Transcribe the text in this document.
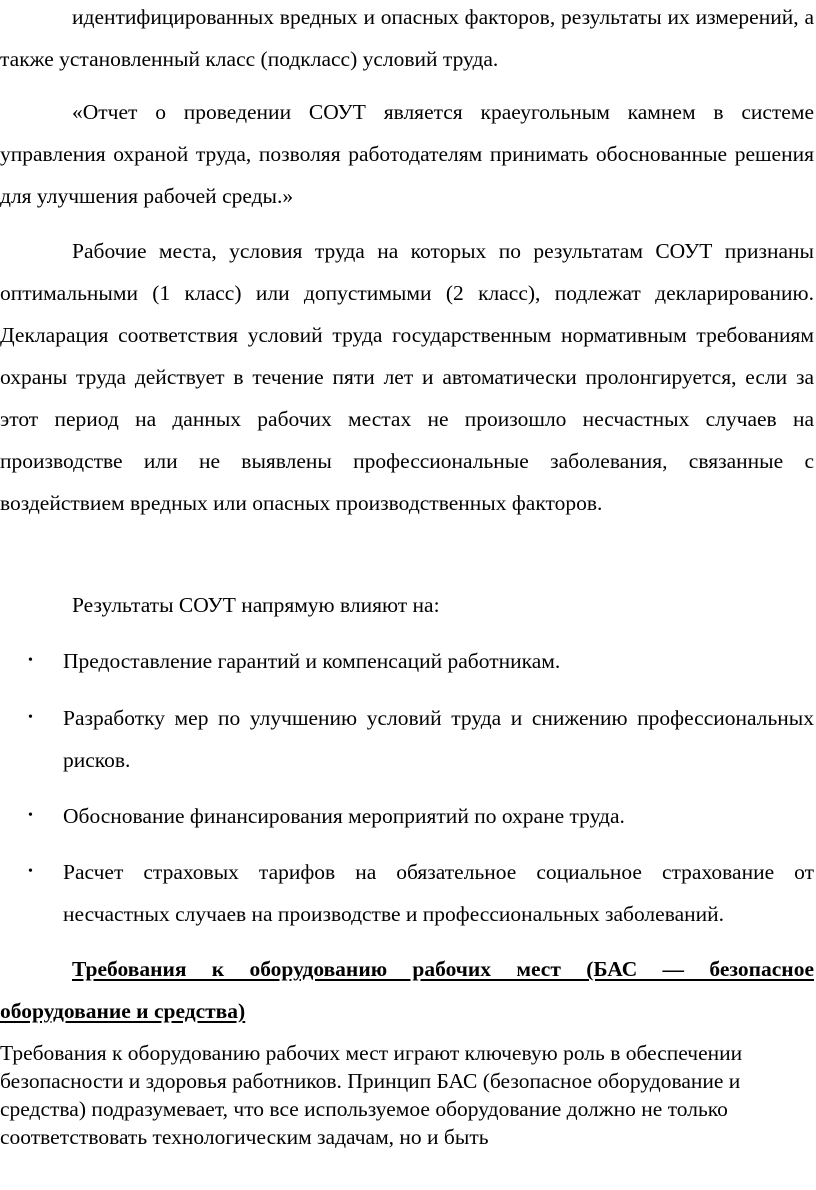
идентифицированных вредных и опасных факторов, результаты их измерений, а также установленный класс (подкласс) условий труда.

«Отчет о проведении СОУТ является краеугольным камнем в системе управления охраной труда, позволяя работодателям принимать обоснованные решения для улучшения рабочей среды.»

Рабочие места, условия труда на которых по результатам СОУТ признаны оптимальными (1 класс) или допустимыми (2 класс), подлежат декларированию. Декларация соответствия условий труда государственным нормативным требованиям охраны труда действует в течение пяти лет и автоматически пролонгируется, если за этот период на данных рабочих местах не произошло несчастных случаев на производстве или не выявлены профессиональные заболевания, связанные с воздействием вредных или опасных производственных факторов.

Результаты СОУТ напрямую влияют на:

• Предоставление гарантий и компенсаций работникам.
• Разработку мер по улучшению условий труда и снижению профессиональных рисков.
• Обоснование финансирования мероприятий по охране труда.
• Расчет страховых тарифов на обязательное социальное страхование от несчастных случаев на производстве и профессиональных заболеваний.
Требования к оборудованию рабочих мест (БАС — безопасное
оборудование и средства)

Требования к оборудованию рабочих мест играют ключевую роль в обеспечении безопасности и здоровья работников. Принцип БАС (безопасное оборудование и средства) подразумевает, что все используемое оборудование должно не только соответствовать технологическим задачам, но и быть
